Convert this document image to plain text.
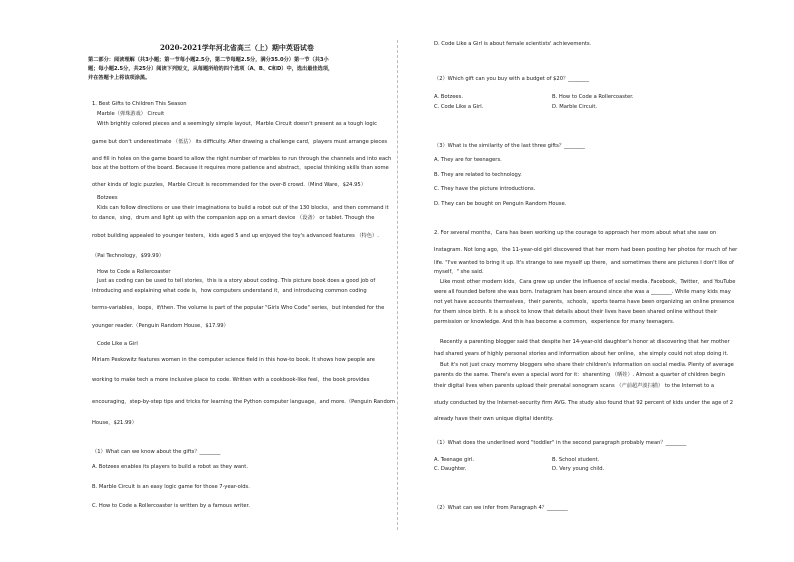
2020-2021学年河北省高三（上）期中英语试卷
第二部分：阅读理解（共3小题；第一节每小题2.5分，第二节每题2.5分，满分35.0分）第一节（共3小
题；每小题2.5分，共25分）阅读下列短文，从每题所给的四个选项（A、B、C和D）中，选出最佳选项，
并在答题卡上将该项涂黑。
1. Best Gifts to Children This Season
Marble（弹珠游戏） Circuit
With brightly colored pieces and a seemingly simple layout，Marble Circuit doesn't present as a tough logic
game but don't underestimate （低估） its difficulty. After drawing a challenge card，players must arrange pieces
and fill in holes on the game board to allow the right number of marbles to run through the channels and into each
box at the bottom of the board. Because it requires more patience and abstract，special thinking skills than some
other kinds of logic puzzles，Marble Circuit is recommended for the over-8 crowd.（Mind Ware，$24.95）
Botzees
Kids can follow directions or use their imaginations to build a robot out of the 130 blocks，and then command it
to dance，sing，drum and light up with the companion app on a smart device （设备） or tablet. Though the
robot building appealed to younger testers，kids aged 5 and up enjoyed the toy's advanced features （特色）.
（Pai Technology，$99.99）
How to Code a Rollercoaster
Just as coding can be used to tell stories，this is a story about coding. This picture book does a good job of
introducing and explaining what code is，how computers understand it，and introducing common coding
terms-variables，loops，if/then. The volume is part of the popular "Girls Who Code" series，but intended for the
younger reader.（Penguin Random House，$17.99）
Code Like a Girl
Miriam Peskowitz features women in the computer science field in this how-to book. It shows how people are
working to make tech a more inclusive place to code. Written with a cookbook-like feel，the book provides
encouraging，step-by-step tips and tricks for learning the Python computer language，and more.（Penguin Random
House，$21.99）
（1）What can we know about the gifts？________
A. Botzees enables its players to build a robot as they want.
B. Marble Circuit is an easy logic game for those 7-year-olds.
C. How to Code a Rollercoaster is written by a famous writer.
D. Code Like a Girl is about female scientists' achievements.
（2）Which gift can you buy with a budget of $20？________
A. Botzees.	B. How to Code a Rollercoaster.
C. Code Like a Girl.	D. Marble Circuit.
（3）What is the similarity of the last three gifts？________
A. They are for teenagers.
B. They are related to technology.
C. They have the picture introductions.
D. They can be bought on Penguin Random House.
2. For several months，Cara has been working up the courage to approach her mom about what she saw on
Instagram. Not long ago，the 11-year-old girl discovered that her mom had been posting her photos for much of her
life. "I've wanted to bring it up. It's strange to see myself up there，and sometimes there are pictures I don't like of
myself，" she said.
Like most other modern kids，Cara grew up under the influence of social media. Facebook，Twitter，and YouTube
were all founded before she was born. Instagram has been around since she was a ________. While many kids may
not yet have accounts themselves，their parents，schools，sports teams have been organizing an online presence
for them since birth. It is a shock to know that details about their lives have been shared online without their
permission or knowledge. And this has become a common，experience for many teenagers.
Recently a parenting blogger said that despite her 14-year-old daughter's honor at discovering that her mother
had shared years of highly personal stories and information about her online，she simply could not stop doing it.
But it's not just crazy mommy bloggers who share their children's information on social media. Plenty of average
parents do the same. There's even a special word for it：sharenting （晒娃）. Almost a quarter of children begin
their digital lives when parents upload their prenatal sonogram scans （产前超声波扫描） to the Internet to a
study conducted by the Internet-security firm AVG. The study also found that 92 percent of kids under the age of 2
already have their own unique digital identity.
（1）What does the underlined word "toddler" in the second paragraph probably mean？________
A. Teenage girl.	B. School student.
C. Daughter.	D. Very young child.
（2）What can we infer from Paragraph 4？________
